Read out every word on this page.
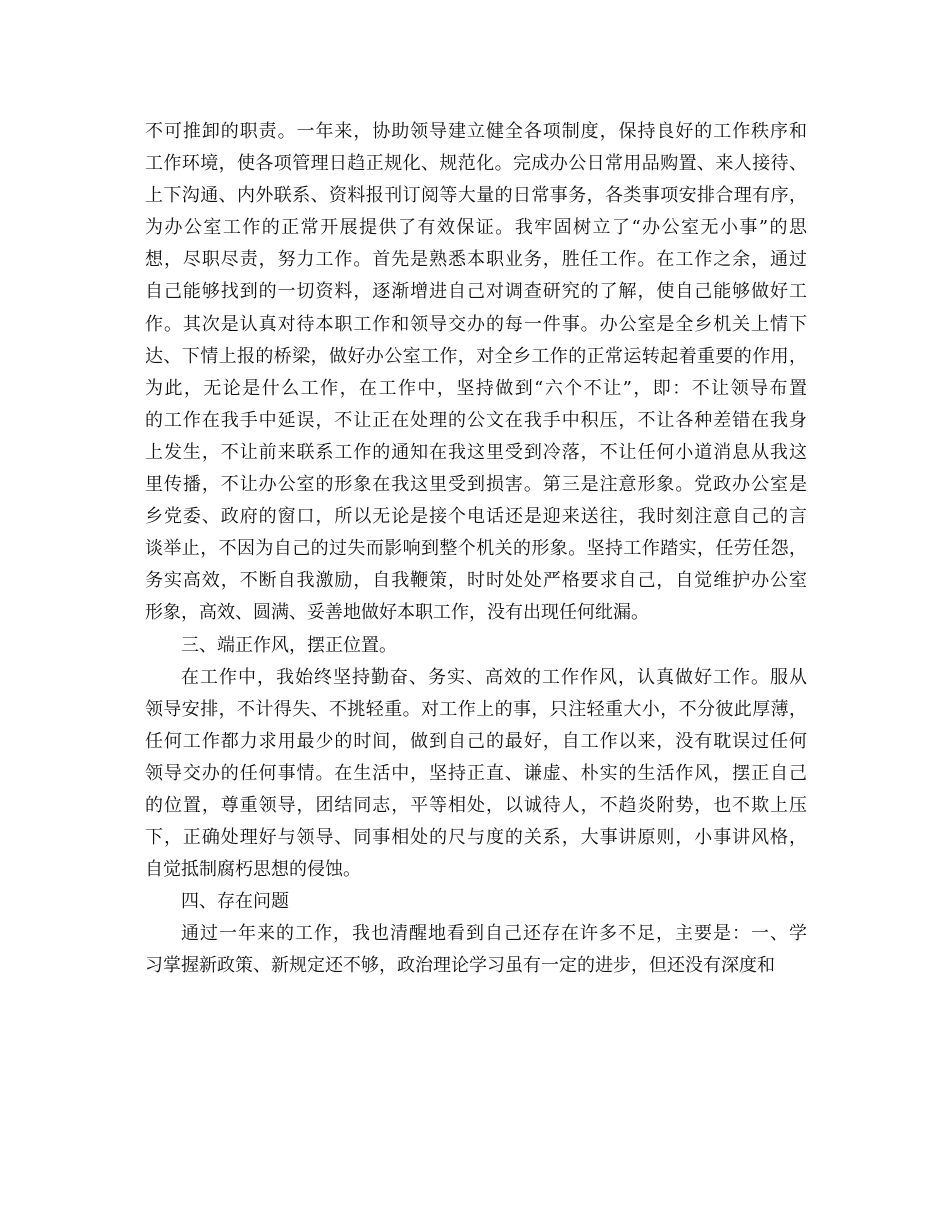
不可推卸的职责。一年来，协助领导建立健全各项制度，保持良好的工作秩序和
工作环境，使各项管理日趋正规化、规范化。完成办公日常用品购置、来人接待、
上下沟通、内外联系、资料报刊订阅等大量的日常事务，各类事项安排合理有序，
为办公室工作的正常开展提供了有效保证。我牢固树立了“办公室无小事”的思
想，尽职尽责，努力工作。首先是熟悉本职业务，胜任工作。在工作之余，通过
自己能够找到的一切资料，逐渐增进自己对调查研究的了解，使自己能够做好工
作。其次是认真对待本职工作和领导交办的每一件事。办公室是全乡机关上情下
达、下情上报的桥梁，做好办公室工作，对全乡工作的正常运转起着重要的作用，
为此，无论是什么工作，在工作中，坚持做到“六个不让”，即：不让领导布置
的工作在我手中延误，不让正在处理的公文在我手中积压，不让各种差错在我身
上发生，不让前来联系工作的通知在我这里受到冷落，不让任何小道消息从我这
里传播，不让办公室的形象在我这里受到损害。第三是注意形象。党政办公室是
乡党委、政府的窗口，所以无论是接个电话还是迎来送往，我时刻注意自己的言
谈举止，不因为自己的过失而影响到整个机关的形象。坚持工作踏实，任劳任怨，
务实高效，不断自我激励，自我鞭策，时时处处严格要求自己，自觉维护办公室
形象，高效、圆满、妥善地做好本职工作，没有出现任何纰漏。
三、端正作风，摆正位置。
在工作中，我始终坚持勤奋、务实、高效的工作作风，认真做好工作。服从
领导安排，不计得失、不挑轻重。对工作上的事，只注轻重大小，不分彼此厚薄，
任何工作都力求用最少的时间，做到自己的最好，自工作以来，没有耽误过任何
领导交办的任何事情。在生活中，坚持正直、谦虚、朴实的生活作风，摆正自己
的位置，尊重领导，团结同志，平等相处，以诚待人，不趋炎附势，也不欺上压
下，正确处理好与领导、同事相处的尺与度的关系，大事讲原则，小事讲风格，
自觉抵制腐朽思想的侵蚀。
四、存在问题
通过一年来的工作，我也清醒地看到自己还存在许多不足，主要是：一、学
习掌握新政策、新规定还不够，政治理论学习虽有一定的进步，但还没有深度和
